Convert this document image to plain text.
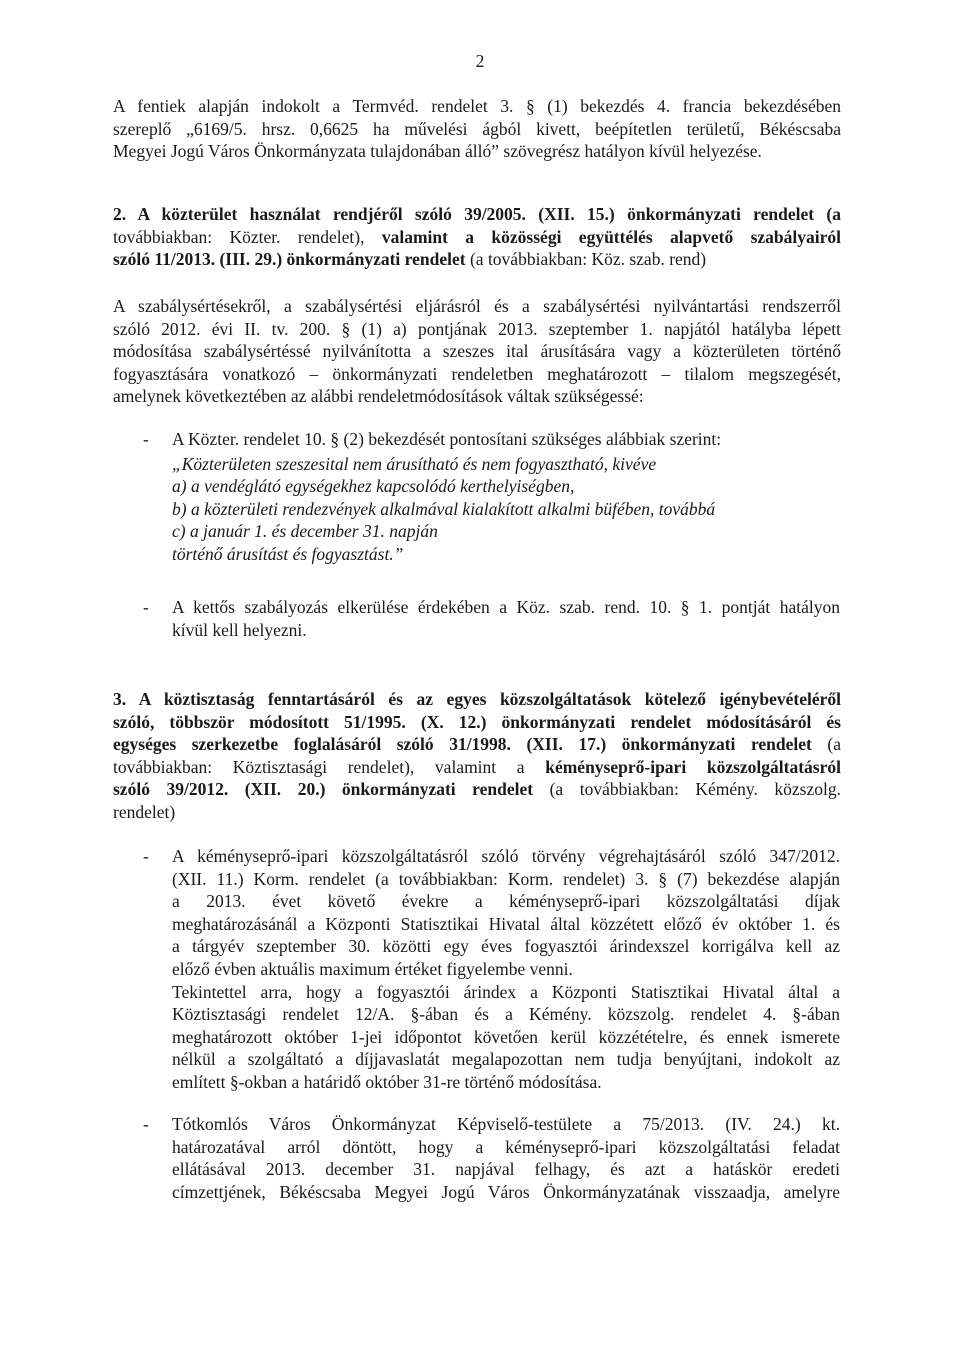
2
A fentiek alapján indokolt a Termvéd. rendelet 3. § (1) bekezdés 4. francia bekezdésében
szereplő „6169/5. hrsz. 0,6625 ha művelési ágból kivett, beépítetlen területű, Békéscsaba
Megyei Jogú Város Önkormányzata tulajdonában álló” szövegrész hatályon kívül helyezése.
2. A közterület használat rendjéről szóló 39/2005. (XII. 15.) önkormányzati rendelet (a
továbbiakban: Közter. rendelet), valamint a közösségi együttélés alapvető szabályairól
szóló 11/2013. (III. 29.) önkormányzati rendelet (a továbbiakban: Köz. szab. rend)
A szabálysértésekről, a szabálysértési eljárásról és a szabálysértési nyilvántartási rendszerről
szóló 2012. évi II. tv. 200. § (1) a) pontjának 2013. szeptember 1. napjától hatályba lépett
módosítása szabálysértéssé nyilvánította a szeszes ital árusítására vagy a közterületen történő
fogyasztására vonatkozó – önkormányzati rendeletben meghatározott – tilalom megszegését,
amelynek következtében az alábbi rendeletmódosítások váltak szükségessé:
- A Közter. rendelet 10. § (2) bekezdését pontosítani szükséges alábbiak szerint:
„Közterületen szeszesital nem árusítható és nem fogyasztható, kivéve
a) a vendéglátó egységekhez kapcsolódó kerthelyiségben,
b) a közterületi rendezvények alkalmával kialakított alkalmi büfében, továbbá
c) a január 1. és december 31. napján
történő árusítást és fogyasztást.”
- A kettős szabályozás elkerülése érdekében a Köz. szab. rend. 10. § 1. pontját hatályon
kívül kell helyezni.
3. A köztisztaság fenntartásáról és az egyes közszolgáltatások kötelező igénybevételéről
szóló, többször módosított 51/1995. (X. 12.) önkormányzati rendelet módosításáról és
egységes szerkezetbe foglalásáról szóló 31/1998. (XII. 17.) önkormányzati rendelet (a
továbbiakban: Köztisztasági rendelet), valamint a kéményseprő-ipari közszolgáltatásról
szóló 39/2012. (XII. 20.) önkormányzati rendelet (a továbbiakban: Kémény. közszolg.
rendelet)
- A kéményseprő-ipari közszolgáltatásról szóló törvény végrehajtásáról szóló 347/2012.
(XII. 11.) Korm. rendelet (a továbbiakban: Korm. rendelet) 3. § (7) bekezdése alapján
a 2013. évet követő évekre a kéményseprő-ipari közszolgáltatási díjak
meghatározásánál a Központi Statisztikai Hivatal által közzétett előző év október 1. és
a tárgyév szeptember 30. közötti egy éves fogyasztói árindexszel korrigálva kell az
előző évben aktuális maximum értéket figyelembe venni.
Tekintettel arra, hogy a fogyasztói árindex a Központi Statisztikai Hivatal által a
Köztisztasági rendelet 12/A. §-ában és a Kémény. közszolg. rendelet 4. §-ában
meghatározott október 1-jei időpontot követően kerül közzétételre, és ennek ismerete
nélkül a szolgáltató a díjjavaslatát megalapozottan nem tudja benyújtani, indokolt az
említett §-okban a határidő október 31-re történő módosítása.
- Tótkomlós Város Önkormányzat Képviselő-testülete a 75/2013. (IV. 24.) kt.
határozatával arról döntött, hogy a kéményseprő-ipari közszolgáltatási feladat
ellátásával 2013. december 31. napjával felhagy, és azt a hatáskör eredeti
címzettjének, Békéscsaba Megyei Jogú Város Önkormányzatának visszaadja, amelyre
